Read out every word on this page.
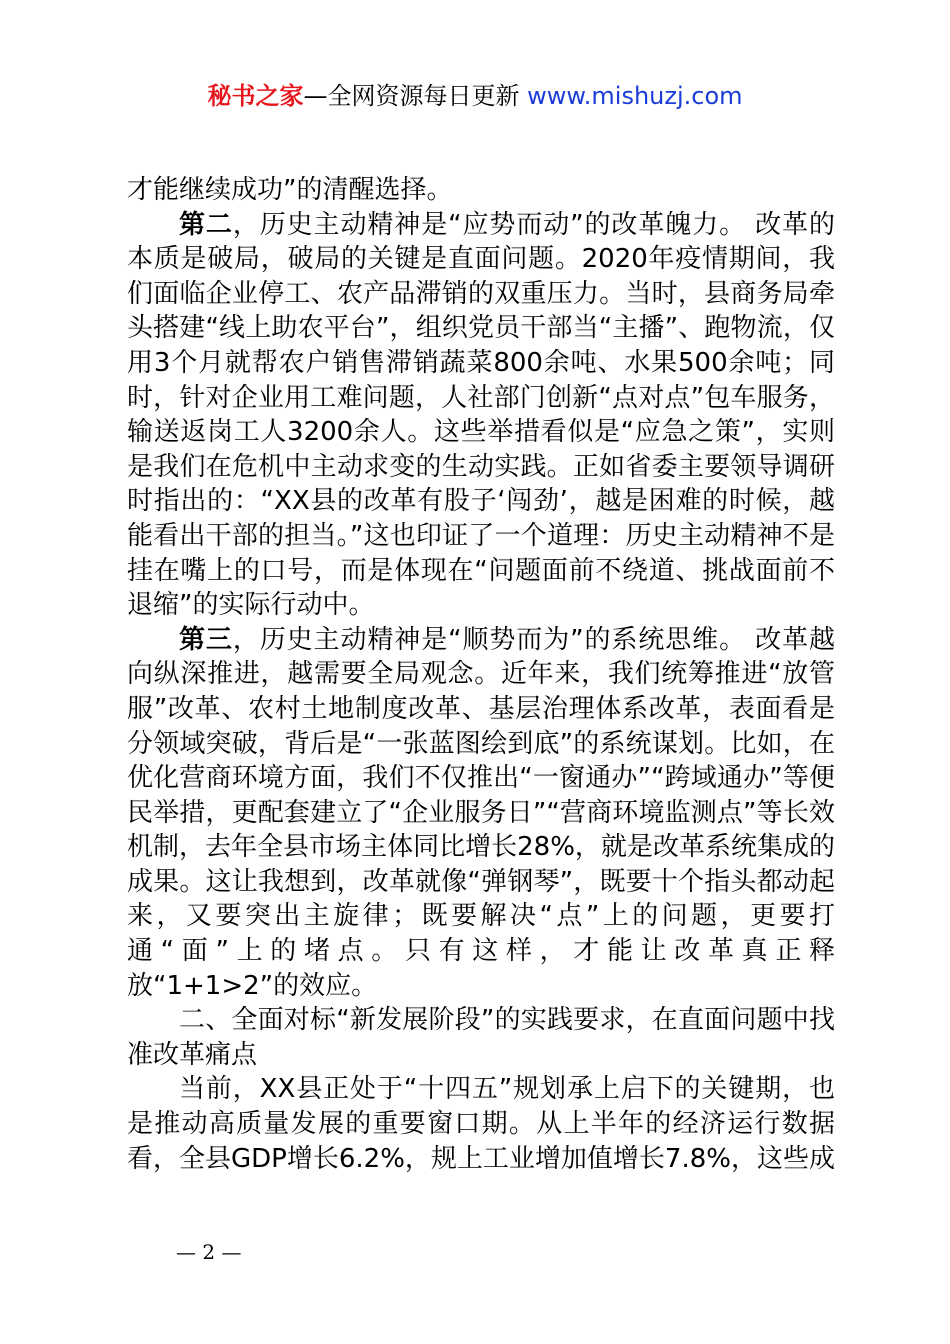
秘书之家—全网资源每日更新 www.mishuzj.com

才能继续成功”的清醒选择。

第二，历史主动精神是“应势而动”的改革魄力。 改革的本质是破局，破局的关键是直面问题。2020年疫情期间，我们面临企业停工、农产品滞销的双重压力。当时，县商务局牵头搭建“线上助农平台”，组织党员干部当“主播”、跑物流，仅用3个月就帮农户销售滞销蔬菜800余吨、水果500余吨；同时，针对企业用工难问题，人社部门创新“点对点”包车服务，输送返岗工人3200余人。这些举措看似是“应急之策”，实则是我们在危机中主动求变的生动实践。正如省委主要领导调研时指出的：“XX县的改革有股子‘闯劲’，越是困难的时候，越能看出干部的担当。”这也印证了一个道理：历史主动精神不是挂在嘴上的口号，而是体现在“问题面前不绕道、挑战面前不退缩”的实际行动中。

第三，历史主动精神是“顺势而为”的系统思维。 改革越向纵深推进，越需要全局观念。近年来，我们统筹推进“放管服”改革、农村土地制度改革、基层治理体系改革，表面看是分领域突破，背后是“一张蓝图绘到底”的系统谋划。比如，在优化营商环境方面，我们不仅推出“一窗通办”“跨域通办”等便民举措，更配套建立了“企业服务日”“营商环境监测点”等长效机制，去年全县市场主体同比增长28%，就是改革系统集成的成果。这让我想到，改革就像“弹钢琴”，既要十个指头都动起来，又要突出主旋律；既要解决“点”上的问题，更要打通“面”上的堵点。只有这样，才能让改革真正释放“1+1>2”的效应。

二、全面对标“新发展阶段”的实践要求，在直面问题中找准改革痛点

当前，XX县正处于“十四五”规划承上启下的关键期，也是推动高质量发展的重要窗口期。从上半年的经济运行数据看，全县GDP增长6.2%，规上工业增加值增长7.8%，这些成

— 2 —
